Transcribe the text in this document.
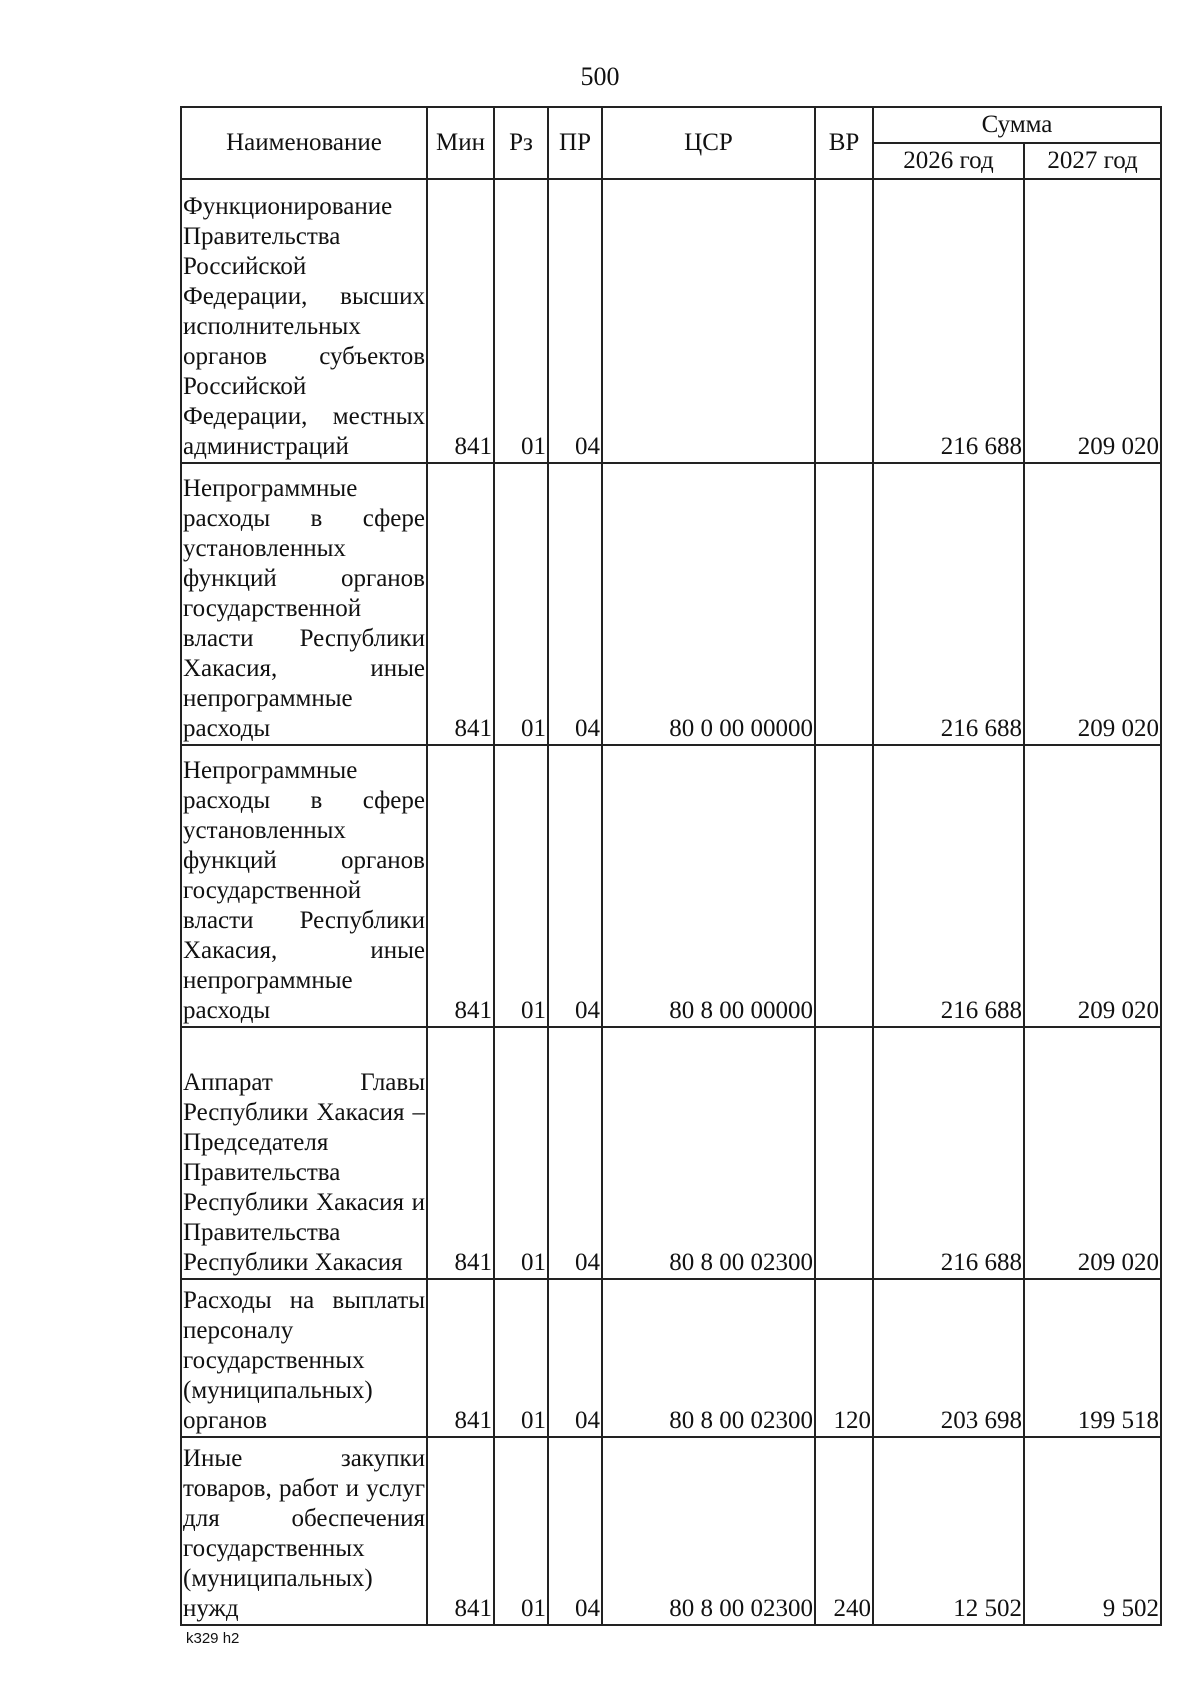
500
Наименование	Мин	Рз	ПР	ЦСР	ВР	Сумма	
						2026 год	2027 год
Функционирование Правительства Российской Федерации, высших исполнительных органов субъектов Российской Федерации, местных администраций	841	01	04			216 688	209 020
Непрограммные расходы в сфере установленных функций органов государственной власти Республики Хакасия, иные непрограммные расходы	841	01	04	80 0 00 00000		216 688	209 020
Непрограммные расходы в сфере установленных функций органов государственной власти Республики Хакасия, иные непрограммные расходы	841	01	04	80 8 00 00000		216 688	209 020
Аппарат Главы Республики Хакасия – Председателя Правительства Республики Хакасия и Правительства Республики Хакасия	841	01	04	80 8 00 02300		216 688	209 020
Расходы на выплаты персоналу государственных (муниципальных) органов	841	01	04	80 8 00 02300	120	203 698	199 518
Иные закупки товаров, работ и услуг для обеспечения государственных (муниципальных) нужд	841	01	04	80 8 00 02300	240	12 502	9 502
k329 h2
